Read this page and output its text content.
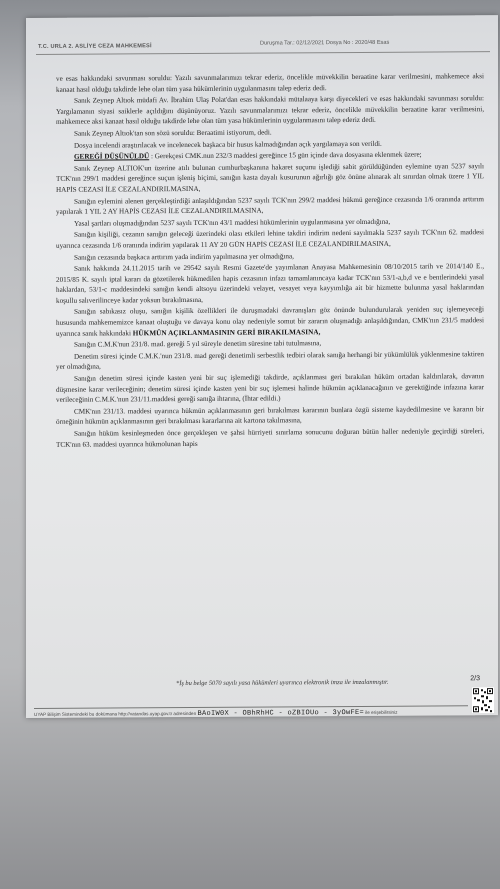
T.C. URLA 2. ASLİYE CEZA MAHKEMESİ
Duruşma Tar.: 02/12/2021 Dosya No : 2020/48 Esas

ve esas hakkındaki savunması soruldu: Yazılı savunmalarımızı tekrar ederiz, öncelikle müvekkilin beraatine karar verilmesini, mahkemece aksi kanaat hasıl olduğu takdirde lehe olan tüm yasa hükümlerinin uygulanmasını talep ederiz dedi.

Sanık Zeynep Altıok müdafi Av. İbrahim Ulaş Polat'dan esas hakkındaki mütalaaya karşı diyecekleri ve esas hakkındaki savunması soruldu: Yargılamanın siyasi saiklerle açıldığını düşünüyoruz. Yazılı savunmalarımızı tekrar ederiz, öncelikle müvekkilin beraatine karar verilmesini, mahkemece aksi kanaat hasıl olduğu takdirde lehe olan tüm yasa hükümlerinin uygulanmasını talep ederiz dedi.

Sanık Zeynep Altıok'tan son sözü soruldu: Beraatimi istiyorum, dedi.

Dosya incelendi araştırılacak ve incelenecek başkaca bir husus kalmadığından açık yargılamaya son verildi.

GEREĞİ DÜŞÜNÜLDÜ : Gerekçesi CMK.nun 232/3 maddesi gereğince 15 gün içinde dava dosyasına eklenmek üzere;

Sanık Zeynep ALTIOK'un üzerine atılı bulunan cumhurbaşkanına hakaret suçunu işlediği sabit görüldüğünden eylemine uyan 5237 sayılı TCK'nın 299/1 maddesi gereğince suçun işleniş biçimi, sanığın kasta dayalı kusurunun ağırlığı göz önüne alınarak alt sınırdan olmak üzere 1 YIL HAPİS CEZASI İLE CEZALANDIRILMASINA,

Sanığın eylemini alenen gerçekleştirdiği anlaşıldığından 5237 sayılı TCK'nın 299/2 maddesi hükmü gereğince cezasında 1/6 oranında arttırım yapılarak 1 YIL 2 AY HAPİS CEZASI İLE CEZALANDIRILMASINA,

Yasal şartları oluşmadığından 5237 sayılı TCK'nın 43/1 maddesi hükümlerinin uygulanmasına yer olmadığına,

Sanığın kişiliği, cezanın sanığın geleceği üzerindeki olası etkileri lehine takdiri indirim nedeni sayılmakla 5237 sayılı TCK'nın 62. maddesi uyarınca cezasında 1/6 oranında indirim yapılarak 11 AY 20 GÜN HAPİS CEZASI İLE CEZALANDIRILMASINA,

Sanığın cezasında başkaca arttırım yada indirim yapılmasına yer olmadığına,

Sanık hakkında 24.11.2015 tarih ve 29542 sayılı Resmi Gazete'de yayımlanan Anayasa Mahkemesinin 08/10/2015 tarih ve 2014/140 E., 2015/85 K. sayılı iptal kararı da gözetilerek hükmedilen hapis cezasının infazı tamamlanıncaya kadar TCK'nın 53/1-a,b,d ve e bentlerindeki yasal haklardan, 53/1-c maddesindeki sanığın kendi altsoyu üzerindeki velayet, vesayet veya kayyımlığa ait bir hizmette bulunma yasal haklarından koşullu salıverilinceye kadar yoksun bırakılmasına,

Sanığın sabıkasız oluşu, sanığın kişilik özellikleri ile duruşmadaki davranışları göz önünde bulundurularak yeniden suç işlemeyeceği hususunda mahkememizce kanaat oluştuğu ve davaya konu olay nedeniyle somut bir zararın oluşmadığı anlaşıldığından, CMK'nın 231/5 maddesi uyarınca sanık hakkındaki HÜKMÜN AÇIKLANMASININ GERİ BIRAKILMASINA,

Sanığın C.M.K'nun 231/8. mad. gereği 5 yıl süreyle denetim süresine tabi tutulmasına,

Denetim süresi içinde C.M.K.'nun 231/8. mad gereği denetimli serbestlik tedbiri olarak sanığa herhangi bir yükümlülük yüklenmesine taktiren yer olmadığına,

Sanığın denetim süresi içinde kasten yeni bir suç işlemediği takdirde, açıklanması geri bırakılan hüküm ortadan kaldırılarak, davanın düşmesine karar verileceğinin; denetim süresi içinde kasten yeni bir suç işlemesi halinde hükmün açıklanacağının ve gerektiğinde infazına karar verileceğinin C.M.K.'nun 231/11.maddesi gereği sanığa ihtarına, (İhtar edildi.)

CMK'nın 231/13. maddesi uyarınca hükmün açıklanmasının geri bırakılması kararının bunlara özgü sisteme kaydedilmesine ve kararın bir örneğinin hükmün açıklanmasının geri bırakılması kararlarına ait kartona takılmasına,

Sanığın hüküm kesinleşmeden önce gerçekleşen ve şahsi hürriyeti sınırlama sonucunu doğuran bütün haller nedeniyle geçirdiği süreleri, TCK'nın 63. maddesi uyarınca hükmolunan hapis

*İş bu belge 5070 sayılı yasa hükümleri uyarınca elektronik imza ile imzalanmıştır.
2/3
UYAP Bilişim Sistemindeki bu dokümana http://vatandas.uyap.gov.tr adresinden BAoIW0X - OBhRhHC - oZBIOUo - 3yOwFE= ile erişebilirsiniz
